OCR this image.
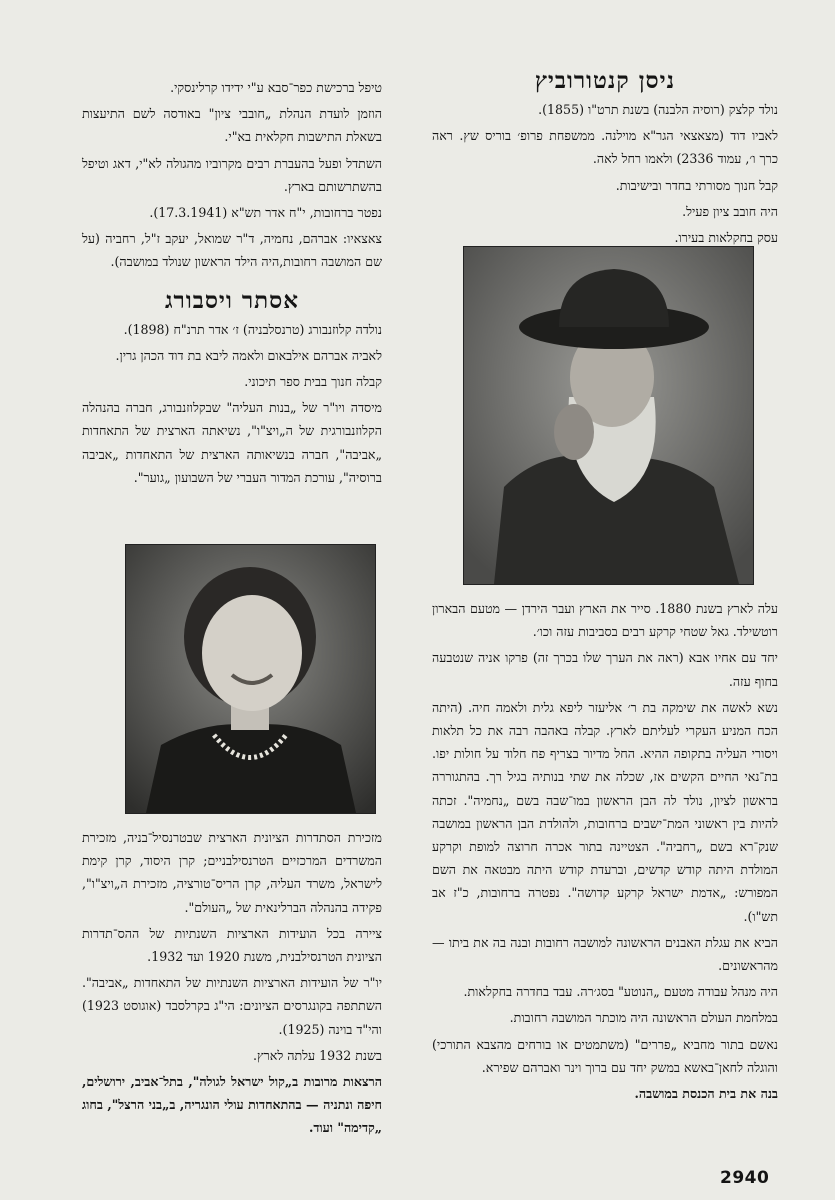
ניסן קנטורוביץ

נולד קלצק (רוסיה הלבנה) בשנת תרט"ו (1855).

לאביו דוד (מצאצאי הגר"א מוילנה. ממשפחת פרופ׳ בוריס שץ. ראה כרך ו׳, עמוד 2336) ולאמו רחל לאה.

קבל חנוך מסורתי בחדר ובישיבות.

היה חובב ציון פעיל.

עסק בחקלאות בעירו.

עלה לארץ בשנת 1880. סייר את הארץ ועבר הירדן — מטעם הבארון רוטשילד. גאל שטחי קרקע רבים בסביבות עזה וכו׳.

יחד עם אחיו אבא (ראה את הערך שלו בכרך זה) פרקו אניה שנטבעה בחוף עזה.

נשא לאשה את שימקה בת ר׳ אליעזר ליפא גלית ולאמה חיה. (היתה הכח המניע העקרי לעליתם לארץ. קבלה באהבה רבה את כל תלאות ויסורי העליה בתקופה ההיא. החל מדיור בצריף פח חלוד על חולות יפו. בת־נאי החיים הקשים אז, שכלה את שתי בנותיה בגיל רך. בהתגוררה בראשון לציון, נולד לה הבן הראשון במו־שבה בשם „נחמיה". זכתה להיות בין ראשוני המת־ישבים ברחובות, ולהולדת הבן הראשון במושבה שנק־רא בשם „רחביה". הצטיינה בתור אכרה חרוצה למופת וקרקע המולדת היתה קודש קדשים, וברעדת קודש היתה מבטאה את השם המפורש: „אדמת ישראל קרקע קדושה". נפטרה ברחובות, כ"ז אב תש"ו).

הביא את עגלת האבנים הראשונה למושבה רחובות ובנה בה את ביתו — מהראשונים.

היה מנהל עבודה מטעם „הנוטע" בסג׳רה. עבד בחדרה בחקלאות.

במלחמת העולם הראשונה היה מוכתר המושבה רחובות.

נאשם בתור מחביא „פררים" (משתמטים או בורחים מהצבא התורכי) והוגלה לחאן־באשא במשק יחד עם ברוך וינר ואברהם שפירא.

בנה את בית הכנסת במושבה.

טיפל ברכישת כפר־סבא ע"י ידידו קרלינסקי.

הוזמן לועדת הנהלת „חובבי ציון" באודסה לשם התיעצות בשאלת התישבות חקלאית בא"י.

השתדל ופעל בהעברת רבים מקרוביו מהגולה לא"י, דאג וטיפל בהשתרשותם בארץ.

נפטר ברחובות, י"ח אדר תש"א (17.3.1941).

צאצאיו: אברהם, נחמיה, ד"ר שמואל, יעקב ז"ל, רחביה (על שם המושבה רחובות,היה הילד הראשון שנולד במושבה).

אסתר ויסבורג

נולדה קלוזנבורג (טרנסלבניה) ז׳ אדר תרנ"ח (1898).

לאביה אברהם אילבאום ולאמה ליבא בת דוד הכהן גרין.

קבלה חנוך בבית ספר תיכוני.

מיסדה ויו"ר של „בנות העליה" שבקלוזנבורג, חברה בהנהלה הקלוזנבורגית של ה„ויצ"ו", נשיאתה הארצית של התאחדות „אביבה", חברה בנשיאותה הארצית של התאחדות „אביבה ברוסיה", עורכת המדור העברי של השבועון „גוער".

מזכירת הסתדרות הציונית הארצית שבטרנסיל־בניה, מזכירת המשרדים המרכזיים הטרנסילבניים; קרן היסוד, קרן קימת לישראל, משרד העליה, קרן הריס־טורציה, מזכירת ה„ויצ"ו", פקידה בהנהלה הברלינאית של „העולם".

ציירה בכל הועידות הארציות השנתיות של ההס־תדרות הציונית הטרנסילבנית, משנת 1920 ועד 1932.

יו"ר של הועידות הארציות השנתיות של התאחדות „אביבה". השתתפה בקונגרסים הציונים: הי"ג בקרלסבד (אוגוסט 1923) והי"ד בוינה (1925).

בשנת 1932 עלתה לארץ.

הרצאות מרובות ב„קול ישראל לגולה", בתל־אביב, ירושלים, חיפה ונתניה — בהתאחדות עולי הונגריה, ב„בני הרצל", בחוג „קדימה" ועוד.

2940
